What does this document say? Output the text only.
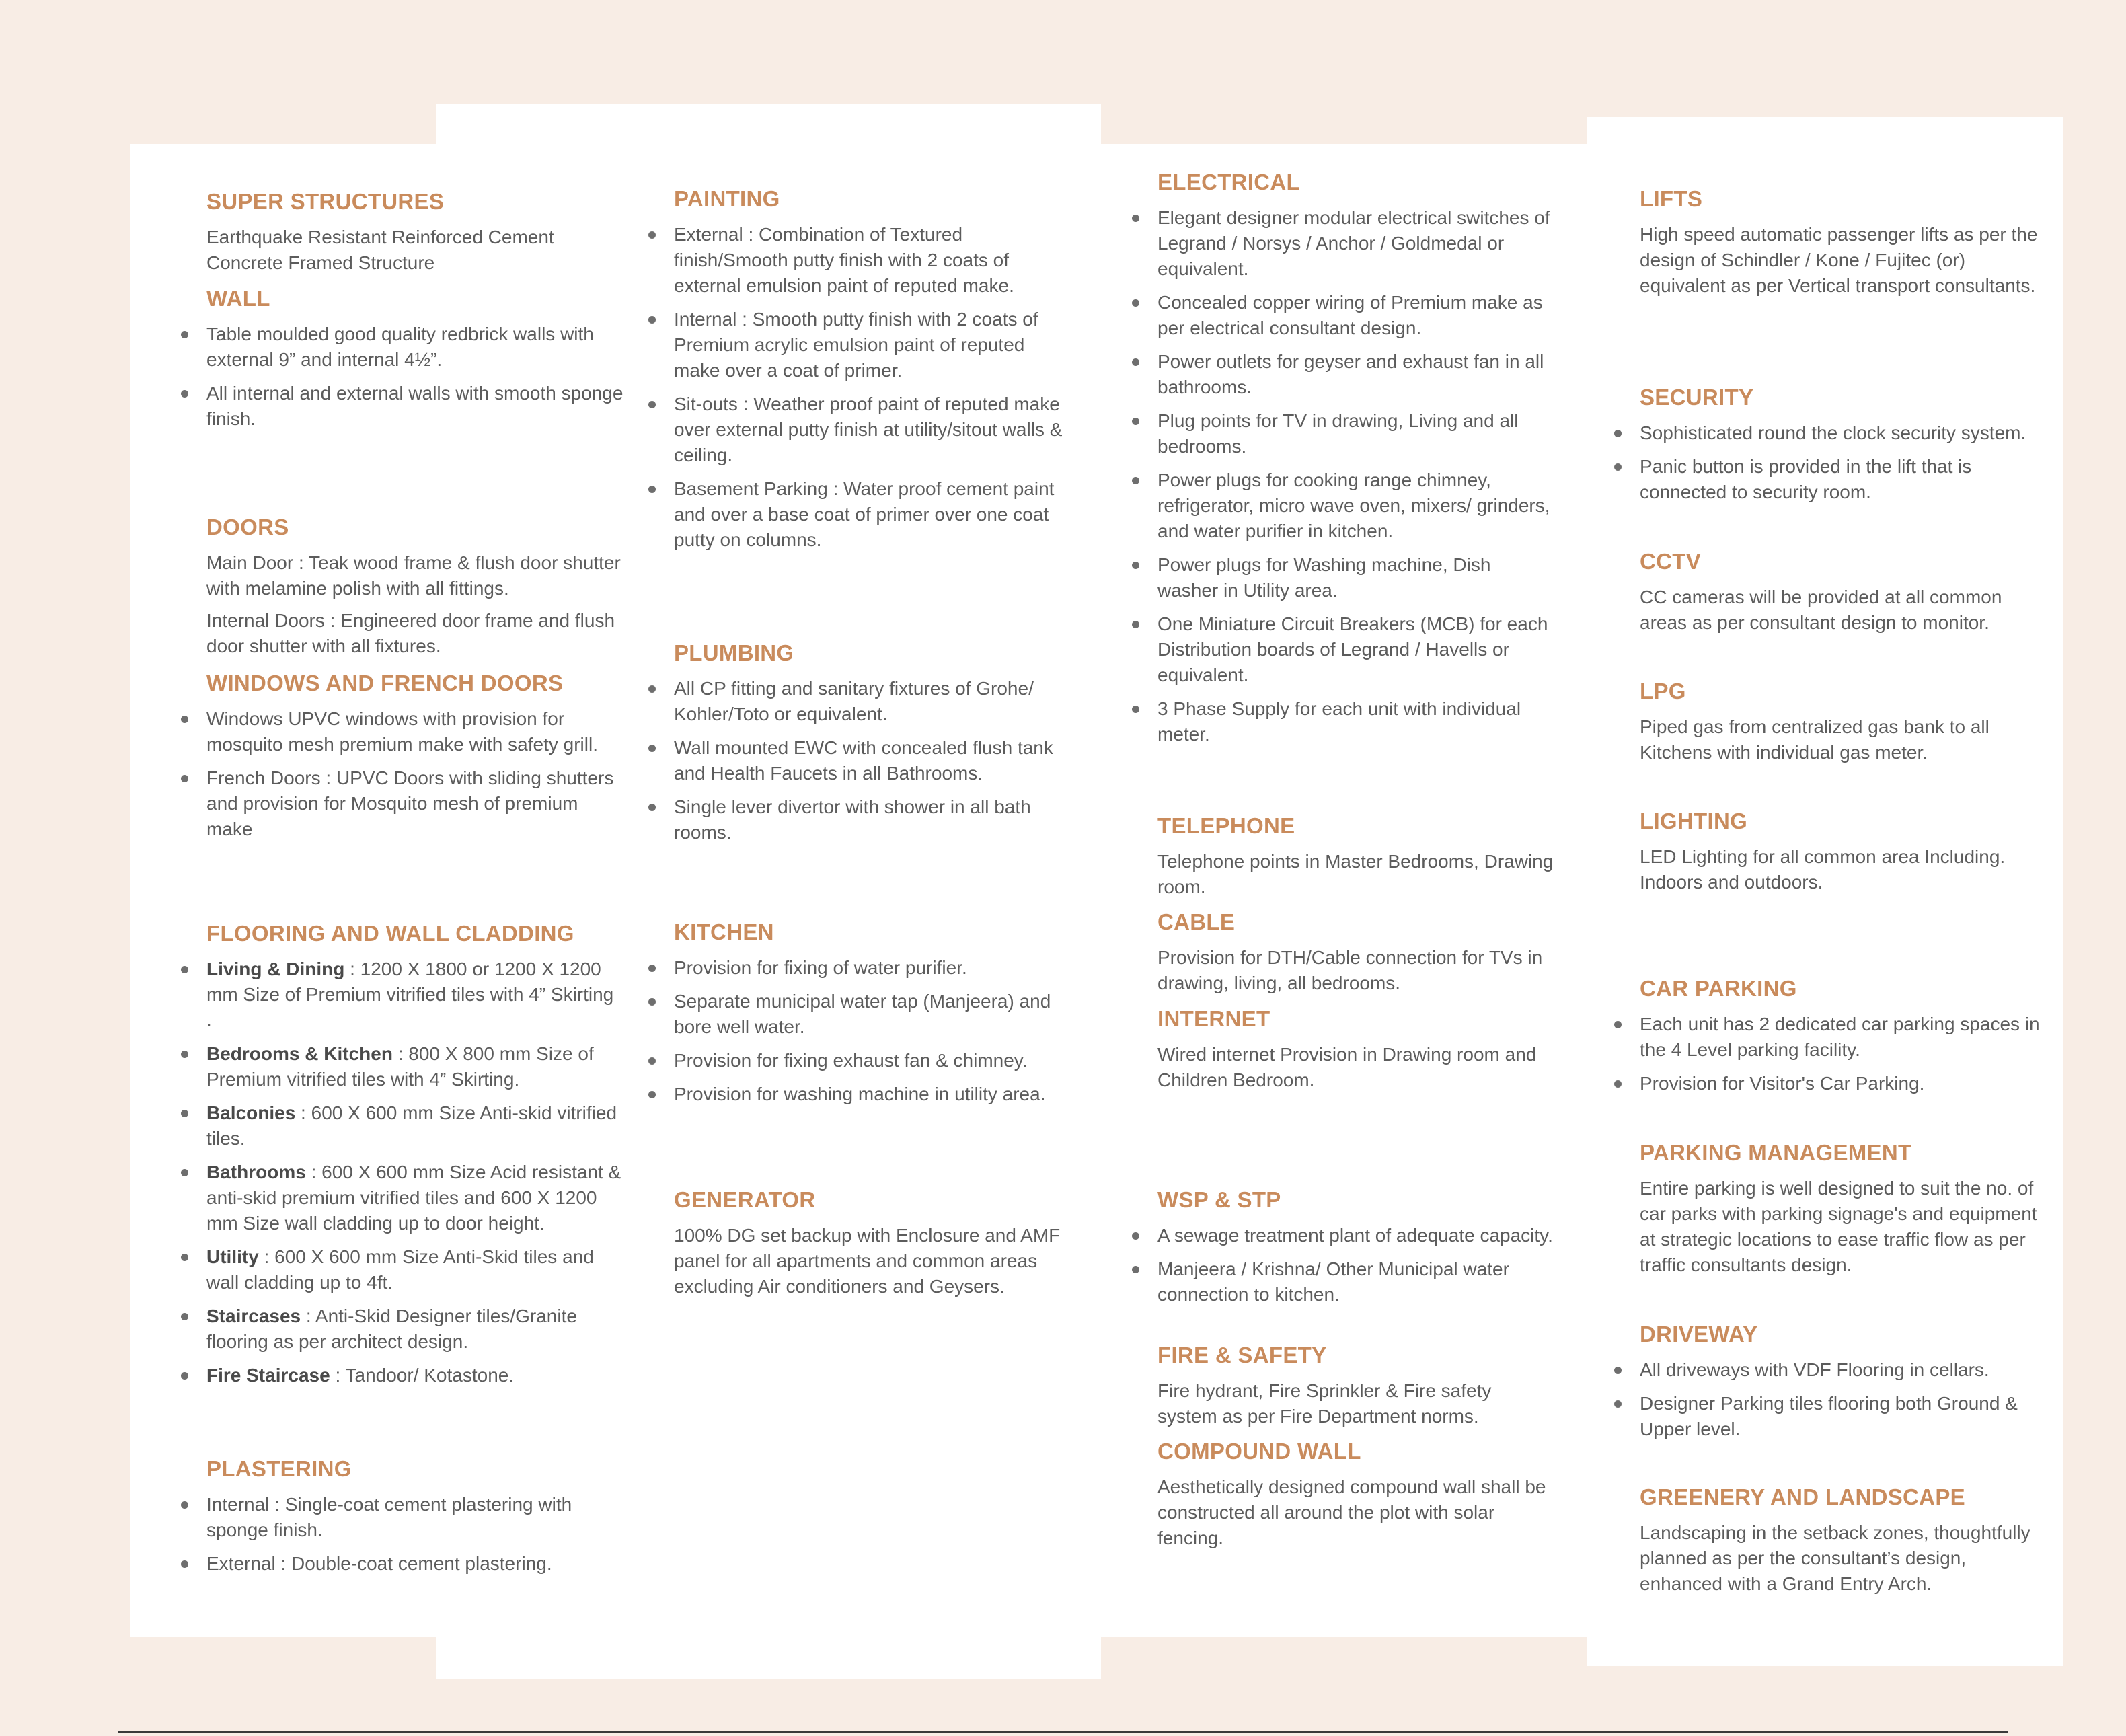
SUPER STRUCTURES

Earthquake Resistant Reinforced Cement Concrete Framed Structure

WALL
Table moulded good quality redbrick walls with external 9” and internal 4½”.
All internal and external walls with smooth sponge finish.
DOORS

Main Door : Teak wood frame & flush door shutter with melamine polish with all fittings.

Internal Doors : Engineered door frame and flush door shutter with all fixtures.

WINDOWS AND FRENCH DOORS
Windows UPVC windows with provision for mosquito mesh premium make with safety grill.
French Doors : UPVC Doors with sliding shutters and provision for Mosquito mesh of premium make
FLOORING AND WALL CLADDING
Living & Dining : 1200 X 1800 or 1200 X 1200 mm Size of Premium vitrified tiles with 4” Skirting .
Bedrooms & Kitchen : 800 X 800 mm Size of Premium vitrified tiles with 4” Skirting.
Balconies : 600 X 600 mm Size Anti-skid vitrified tiles.
Bathrooms : 600 X 600 mm Size Acid resistant & anti-skid premium vitrified tiles and 600 X 1200 mm Size wall cladding up to door height.
Utility : 600 X 600 mm Size Anti-Skid tiles and wall cladding up to 4ft.
Staircases : Anti-Skid Designer tiles/Granite flooring as per architect design.
Fire Staircase : Tandoor/ Kotastone.
PLASTERING
Internal : Single-coat cement plastering with sponge finish.
External : Double-coat cement plastering.
PAINTING
External : Combination of Textured finish/Smooth putty finish with 2 coats of external emulsion paint of reputed make.
Internal : Smooth putty finish with 2 coats of Premium acrylic emulsion paint of reputed make over a coat of primer.
Sit-outs : Weather proof paint of reputed make over external putty finish at utility/sitout walls & ceiling.
Basement Parking : Water proof cement paint and over a base coat of primer over one coat putty on columns.
PLUMBING
All CP fitting and sanitary fixtures of Grohe/ Kohler/Toto or equivalent.
Wall mounted EWC with concealed flush tank and Health Faucets in all Bathrooms.
Single lever divertor with shower in all bath rooms.
KITCHEN
Provision for fixing of water purifier.
Separate municipal water tap (Manjeera) and bore well water.
Provision for fixing exhaust fan & chimney.
Provision for washing machine in utility area.
GENERATOR

100% DG set backup with Enclosure and AMF panel for all apartments and common areas excluding Air conditioners and Geysers.

ELECTRICAL
Elegant designer modular electrical switches of Legrand / Norsys / Anchor / Goldmedal or equivalent.
Concealed copper wiring of Premium make as per electrical consultant design.
Power outlets for geyser and exhaust fan in all bathrooms.
Plug points for TV in drawing, Living and all bedrooms.
Power plugs for cooking range chimney, refrigerator, micro wave oven, mixers/ grinders, and water purifier in kitchen.
Power plugs for Washing machine, Dish washer in Utility area.
One Miniature Circuit Breakers (MCB) for each Distribution boards of Legrand / Havells or equivalent.
3 Phase Supply for each unit with individual meter.
TELEPHONE

Telephone points in Master Bedrooms, Drawing room.

CABLE

Provision for DTH/Cable connection for TVs in drawing, living, all bedrooms.

INTERNET

Wired internet Provision in Drawing room and Children Bedroom.

WSP & STP
A sewage treatment plant of adequate capacity.
Manjeera / Krishna/ Other Municipal water connection to kitchen.
FIRE & SAFETY

Fire hydrant, Fire Sprinkler & Fire safety system as per Fire Department norms.

COMPOUND WALL

Aesthetically designed compound wall shall be constructed all around the plot with solar fencing.

LIFTS

High speed automatic passenger lifts as per the design of Schindler / Kone / Fujitec (or) equivalent as per Vertical transport consultants.

SECURITY
Sophisticated round the clock security system.
Panic button is provided in the lift that is connected to security room.
CCTV

CC cameras will be provided at all common areas as per consultant design to monitor.

LPG

Piped gas from centralized gas bank to all Kitchens with individual gas meter.

LIGHTING

LED Lighting for all common area Including. Indoors and outdoors.

CAR PARKING
Each unit has 2 dedicated car parking spaces in the 4 Level parking facility.
Provision for Visitor's Car Parking.
PARKING MANAGEMENT

Entire parking is well designed to suit the no. of car parks with parking signage's and equipment at strategic locations to ease traffic flow as per traffic consultants design.

DRIVEWAY
All driveways with VDF Flooring in cellars.
Designer Parking tiles flooring both Ground & Upper level.
GREENERY AND LANDSCAPE

Landscaping in the setback zones, thoughtfully planned as per the consultant’s design, enhanced with a Grand Entry Arch.
